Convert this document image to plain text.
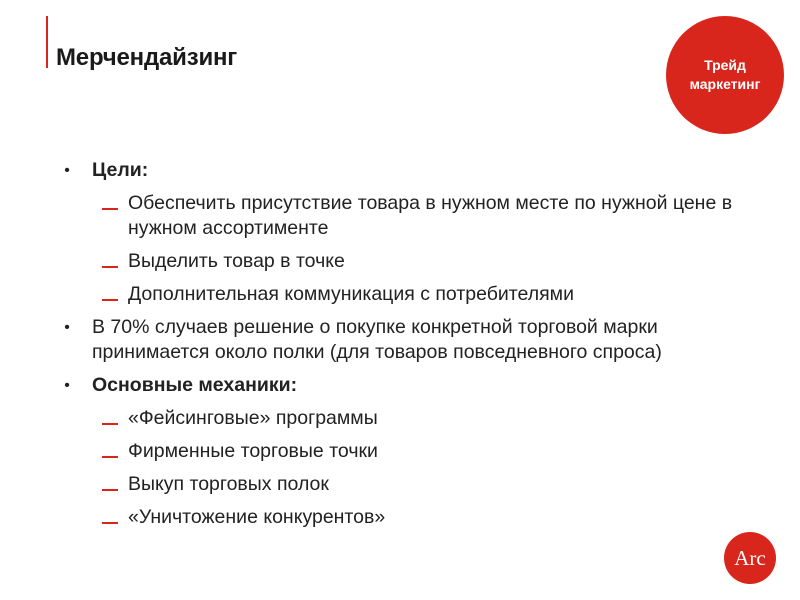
Мерчендайзинг	Трейд
маркетинг
• Цели:
Обеспечить присутствие товара в нужном месте по нужной цене в нужном ассортименте
Выделить товар в точке
Дополнительная коммуникация с потребителями
• В 70% случаев решение о покупке конкретной торговой марки принимается около полки (для товаров повседневного спроса)
• Основные механики:
«Фейсинговые» программы
Фирменные торговые точки
Выкуп торговых полок
«Уничтожение конкурентов»
Arc
